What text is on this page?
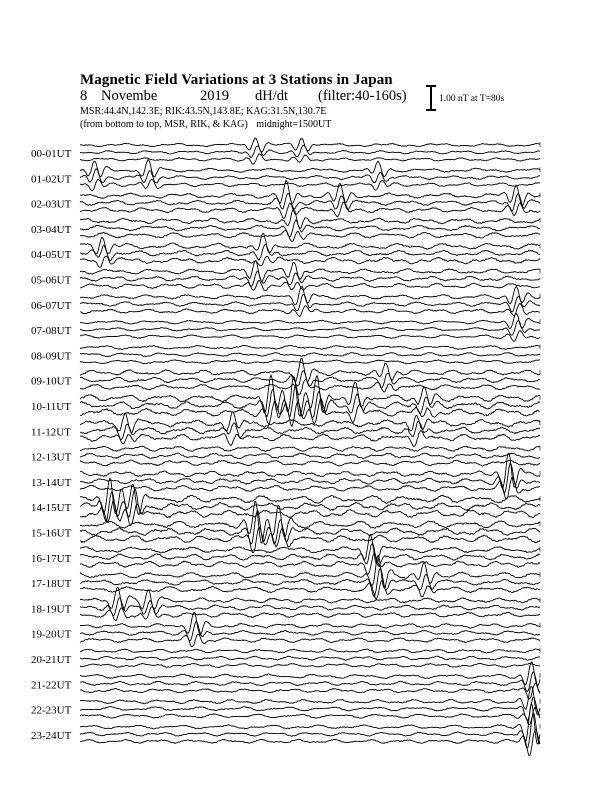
Magnetic Field Variations at 3 Stations in Japan
8 Novembe	2019 dH/dt (filter:40-160s)
MSR:44.4N,142.3E; RIK:43.5N,143.8E; KAG:31.5N,130.7E
(from bottom to top, MSR, RIK, & KAG) midnight=1500UT
1.00 nT at T=80s
00-01UT
01-02UT
02-03UT
03-04UT
04-05UT
05-06UT
06-07UT
07-08UT
08-09UT
09-10UT
10-11UT
11-12UT
12-13UT
13-14UT
14-15UT
15-16UT
16-17UT
17-18UT
18-19UT
19-20UT
20-21UT
21-22UT
22-23UT
23-24UT
